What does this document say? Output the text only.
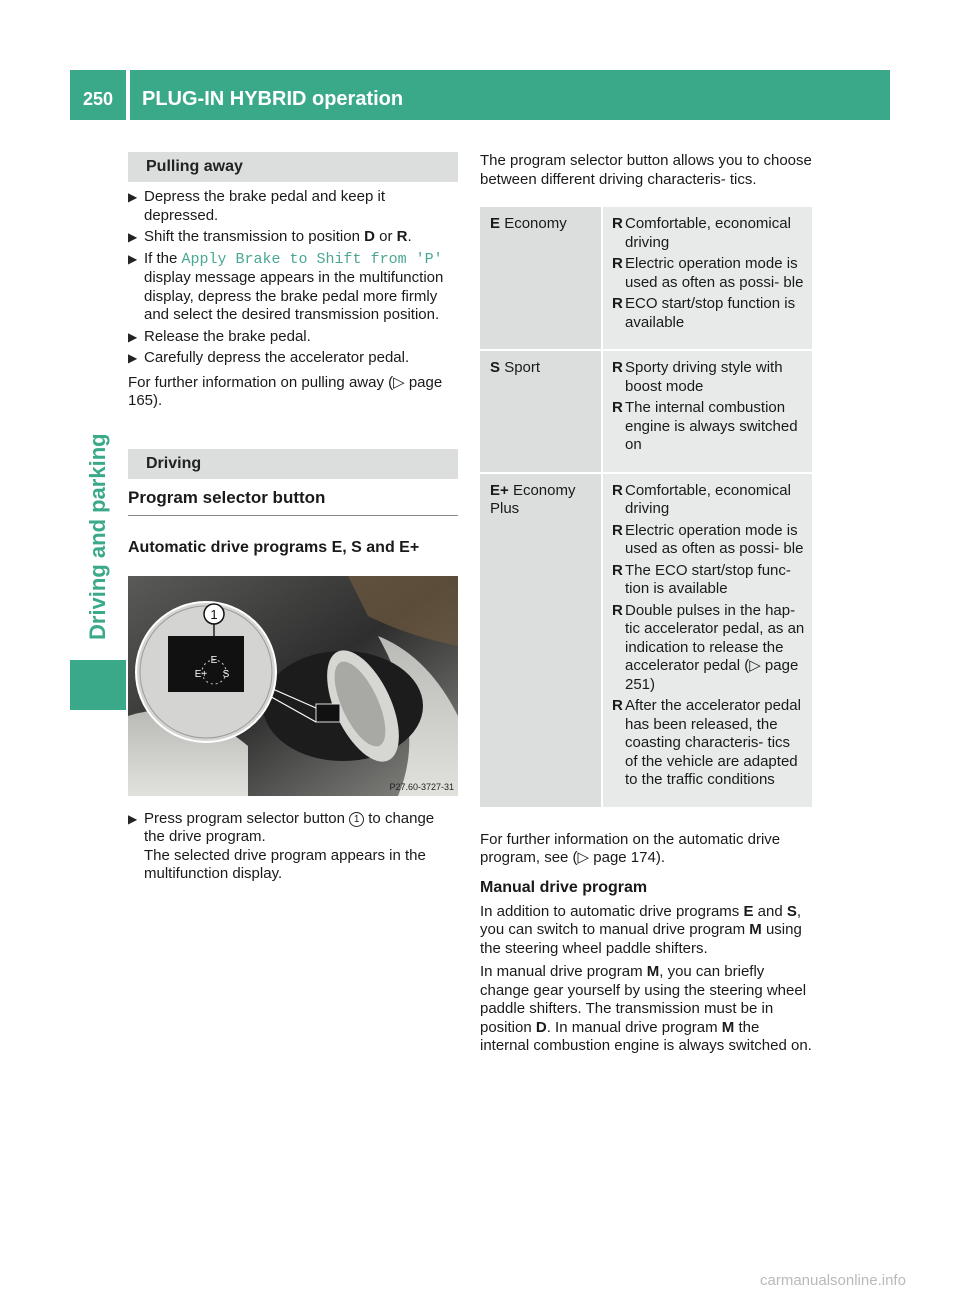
250 PLUG-IN HYBRID operation
Driving and parking
Pulling away

▶ Depress the brake pedal and keep it depressed.

▶ Shift the transmission to position D or R.

▶ If the Apply Brake to Shift from 'P' display message appears in the multifunction display, depress the brake pedal more firmly and select the desired transmission position.

▶ Release the brake pedal.

▶ Carefully depress the accelerator pedal.

For further information on pulling away (▷ page 165).

Driving
Program selector button
Automatic drive programs E, S and E+
1
E
E+ S
P27.60-3727-31

▶ Press program selector button 1 to change the drive program.
The selected drive program appears in the multifunction display.

The program selector button allows you to choose between different driving characteris- tics.

E Economy	R Comfortable, economical driving
R Electric operation mode is used as often as possi- ble
R ECO start/stop function is available
S Sport	R Sporty driving style with boost mode
R The internal combustion engine is always switched on
E+ Economy
Plus
R Comfortable, economical driving
R Electric operation mode is used as often as possi- ble
R The ECO start/stop func- tion is available
R Double pulses in the hap- tic accelerator pedal, as an indication to release the accelerator pedal (▷ page 251)
R After the accelerator pedal has been released, the coasting characteris- tics of the vehicle are adapted to the traffic conditions

For further information on the automatic drive program, see (▷ page 174).

Manual drive program

In addition to automatic drive programs E and S, you can switch to manual drive program M using the steering wheel paddle shifters.

In manual drive program M, you can briefly change gear yourself by using the steering wheel paddle shifters. The transmission must be in position D. In manual drive program M the internal combustion engine is always switched on.

carmanualsonline.info
